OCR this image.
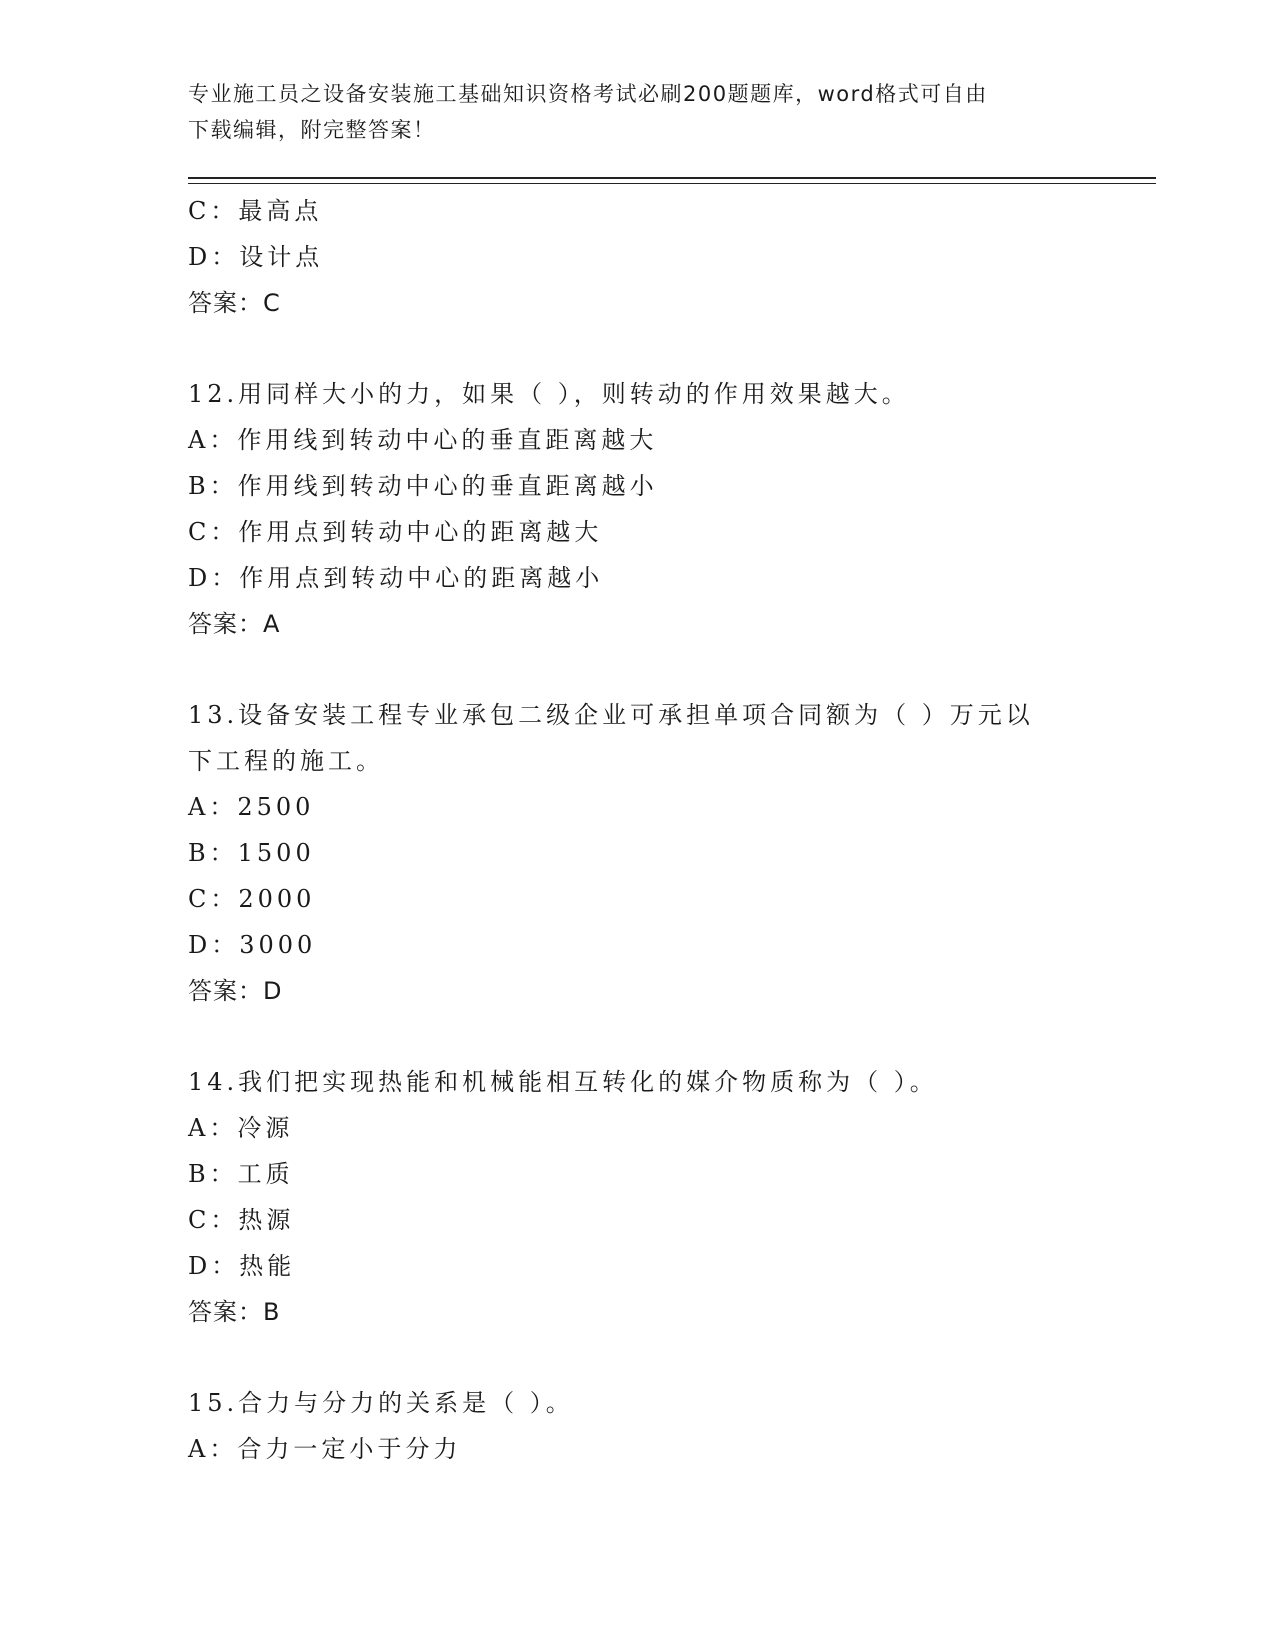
专业施工员之设备安装施工基础知识资格考试必刷200题题库，word格式可自由
下载编辑，附完整答案！
C：最高点
D：设计点
答案：C
12.用同样大小的力，如果（ ），则转动的作用效果越大。
A：作用线到转动中心的垂直距离越大
B：作用线到转动中心的垂直距离越小
C：作用点到转动中心的距离越大
D：作用点到转动中心的距离越小
答案：A
13.设备安装工程专业承包二级企业可承担单项合同额为（ ）万元以
下工程的施工。
A：2500
B：1500
C：2000
D：3000
答案：D
14.我们把实现热能和机械能相互转化的媒介物质称为（ ）。
A：冷源
B：工质
C：热源
D：热能
答案：B
15.合力与分力的关系是（ ）。
A：合力一定小于分力
